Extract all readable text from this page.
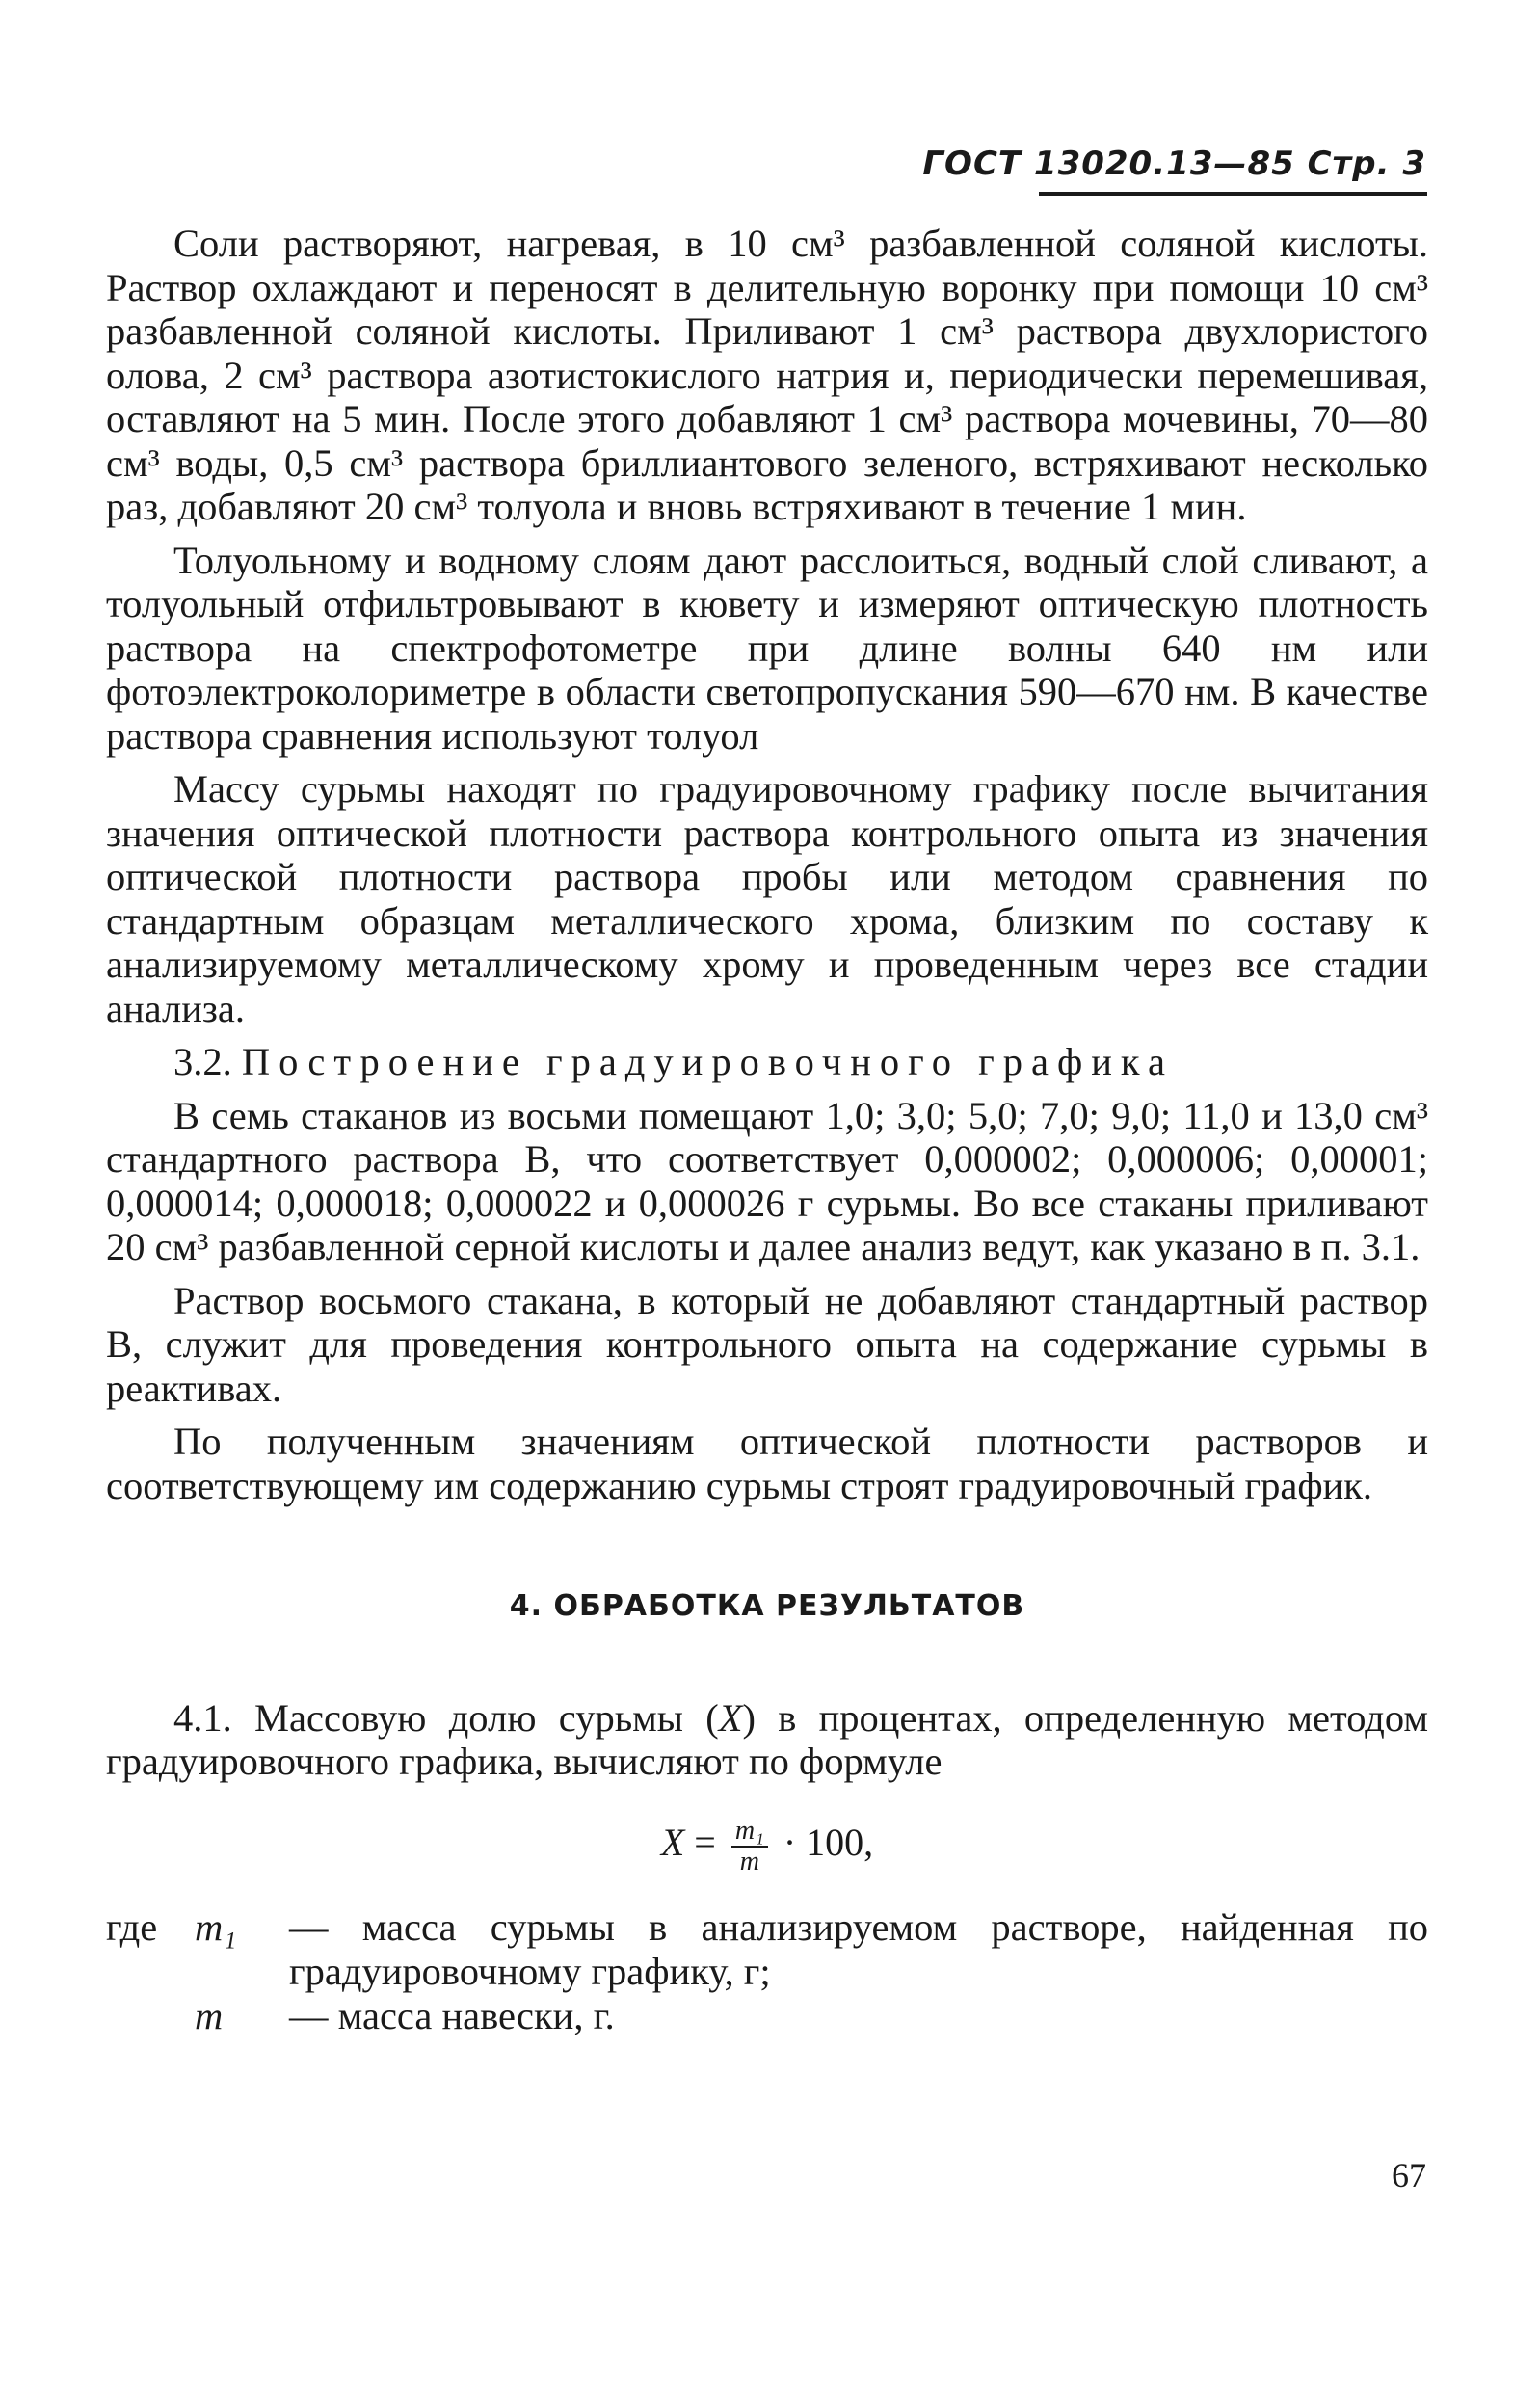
ГОСТ 13020.13—85 Стр. 3

Соли растворяют, нагревая, в 10 см³ разбавленной соляной кислоты. Раствор охлаждают и переносят в делительную воронку при помощи 10 см³ разбавленной соляной кислоты. Приливают 1 см³ раствора двухлористого олова, 2 см³ раствора азотистокислого натрия и, периодически перемешивая, оставляют на 5 мин. После этого добавляют 1 см³ раствора мочевины, 70—80 см³ воды, 0,5 см³ раствора бриллиантового зеленого, встряхивают несколько раз, добавляют 20 см³ толуола и вновь встряхивают в течение 1 мин.

Толуольному и водному слоям дают расслоиться, водный слой сливают, а толуольный отфильтровывают в кювету и измеряют оптическую плотность раствора на спектрофотометре при длине волны 640 нм или фотоэлектроколориметре в области светопропускания 590—670 нм. В качестве раствора сравнения используют толуол

Массу сурьмы находят по градуировочному графику после вычитания значения оптической плотности раствора контрольного опыта из значения оптической плотности раствора пробы или методом сравнения по стандартным образцам металлического хрома, близким по составу к анализируемому металлическому хрому и проведенным через все стадии анализа.

3.2. Построение градуировочного графика

В семь стаканов из восьми помещают 1,0; 3,0; 5,0; 7,0; 9,0; 11,0 и 13,0 см³ стандартного раствора В, что соответствует 0,000002; 0,000006; 0,00001; 0,000014; 0,000018; 0,000022 и 0,000026 г сурьмы. Во все стаканы приливают 20 см³ разбавленной серной кислоты и далее анализ ведут, как указано в п. 3.1.

Раствор восьмого стакана, в который не добавляют стандартный раствор В, служит для проведения контрольного опыта на содержание сурьмы в реактивах.

По полученным значениям оптической плотности растворов и соответствующему им содержанию сурьмы строят градуировочный график.

4. ОБРАБОТКА РЕЗУЛЬТАТОВ

4.1. Массовую долю сурьмы (X) в процентах, определенную методом градуировочного графика, вычисляют по формуле

$X = \frac{\text{m₁}}{m} \cdot 100$,
где	m₁	— масса сурьмы в анализируемом растворе, найденная по градуировочному графику, г;
	m	— масса навески, г.
67
